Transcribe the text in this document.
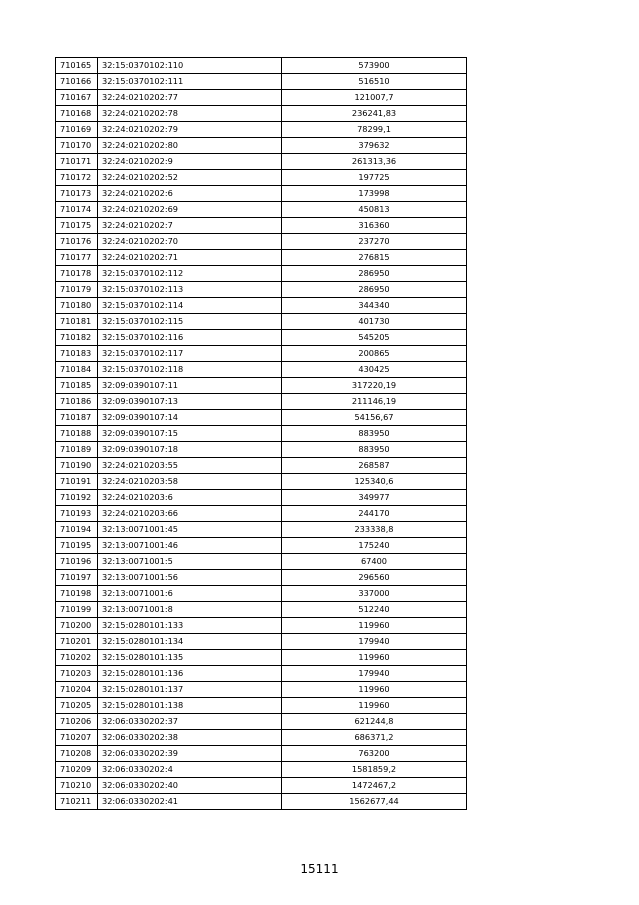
710165	32:15:0370102:110	573900
710166	32:15:0370102:111	516510
710167	32:24:0210202:77	121007,7
710168	32:24:0210202:78	236241,83
710169	32:24:0210202:79	78299,1
710170	32:24:0210202:80	379632
710171	32:24:0210202:9	261313,36
710172	32:24:0210202:52	197725
710173	32:24:0210202:6	173998
710174	32:24:0210202:69	450813
710175	32:24:0210202:7	316360
710176	32:24:0210202:70	237270
710177	32:24:0210202:71	276815
710178	32:15:0370102:112	286950
710179	32:15:0370102:113	286950
710180	32:15:0370102:114	344340
710181	32:15:0370102:115	401730
710182	32:15:0370102:116	545205
710183	32:15:0370102:117	200865
710184	32:15:0370102:118	430425
710185	32:09:0390107:11	317220,19
710186	32:09:0390107:13	211146,19
710187	32:09:0390107:14	54156,67
710188	32:09:0390107:15	883950
710189	32:09:0390107:18	883950
710190	32:24:0210203:55	268587
710191	32:24:0210203:58	125340,6
710192	32:24:0210203:6	349977
710193	32:24:0210203:66	244170
710194	32:13:0071001:45	233338,8
710195	32:13:0071001:46	175240
710196	32:13:0071001:5	67400
710197	32:13:0071001:56	296560
710198	32:13:0071001:6	337000
710199	32:13:0071001:8	512240
710200	32:15:0280101:133	119960
710201	32:15:0280101:134	179940
710202	32:15:0280101:135	119960
710203	32:15:0280101:136	179940
710204	32:15:0280101:137	119960
710205	32:15:0280101:138	119960
710206	32:06:0330202:37	621244,8
710207	32:06:0330202:38	686371,2
710208	32:06:0330202:39	763200
710209	32:06:0330202:4	1581859,2
710210	32:06:0330202:40	1472467,2
710211	32:06:0330202:41	1562677,44
15111
